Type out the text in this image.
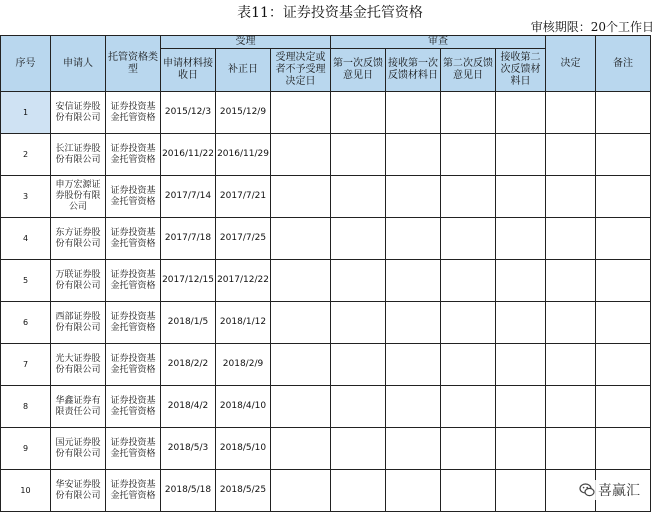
表11：证券投资基金托管资格
审核期限：20个工作日
序号	申请人	托管资格类型	受理			审查				决定	备注
			申请材料接收日	补正日	受理决定或者不予受理决定日	第一次反馈意见日	接收第一次反馈材料日	第二次反馈意见日	接收第二次反馈材料日		
1	安信证券股份有限公司	证券投资基金托管资格	2015/12/3	2015/12/9							
2	长江证券股份有限公司	证券投资基金托管资格	2016/11/22	2016/11/29							
3	申万宏源证券股份有限公司	证券投资基金托管资格	2017/7/14	2017/7/21							
4	东方证券股份有限公司	证券投资基金托管资格	2017/7/18	2017/7/25							
5	万联证券股份有限公司	证券投资基金托管资格	2017/12/15	2017/12/22							
6	西部证券股份有限公司	证券投资基金托管资格	2018/1/5	2018/1/12							
7	光大证券股份有限公司	证券投资基金托管资格	2018/2/2	2018/2/9							
8	华鑫证券有限责任公司	证券投资基金托管资格	2018/4/2	2018/4/10							
9	国元证券股份有限公司	证券投资基金托管资格	2018/5/3	2018/5/10							
10	华安证券股份有限公司	证券投资基金托管资格	2018/5/18	2018/5/25								喜赢汇
